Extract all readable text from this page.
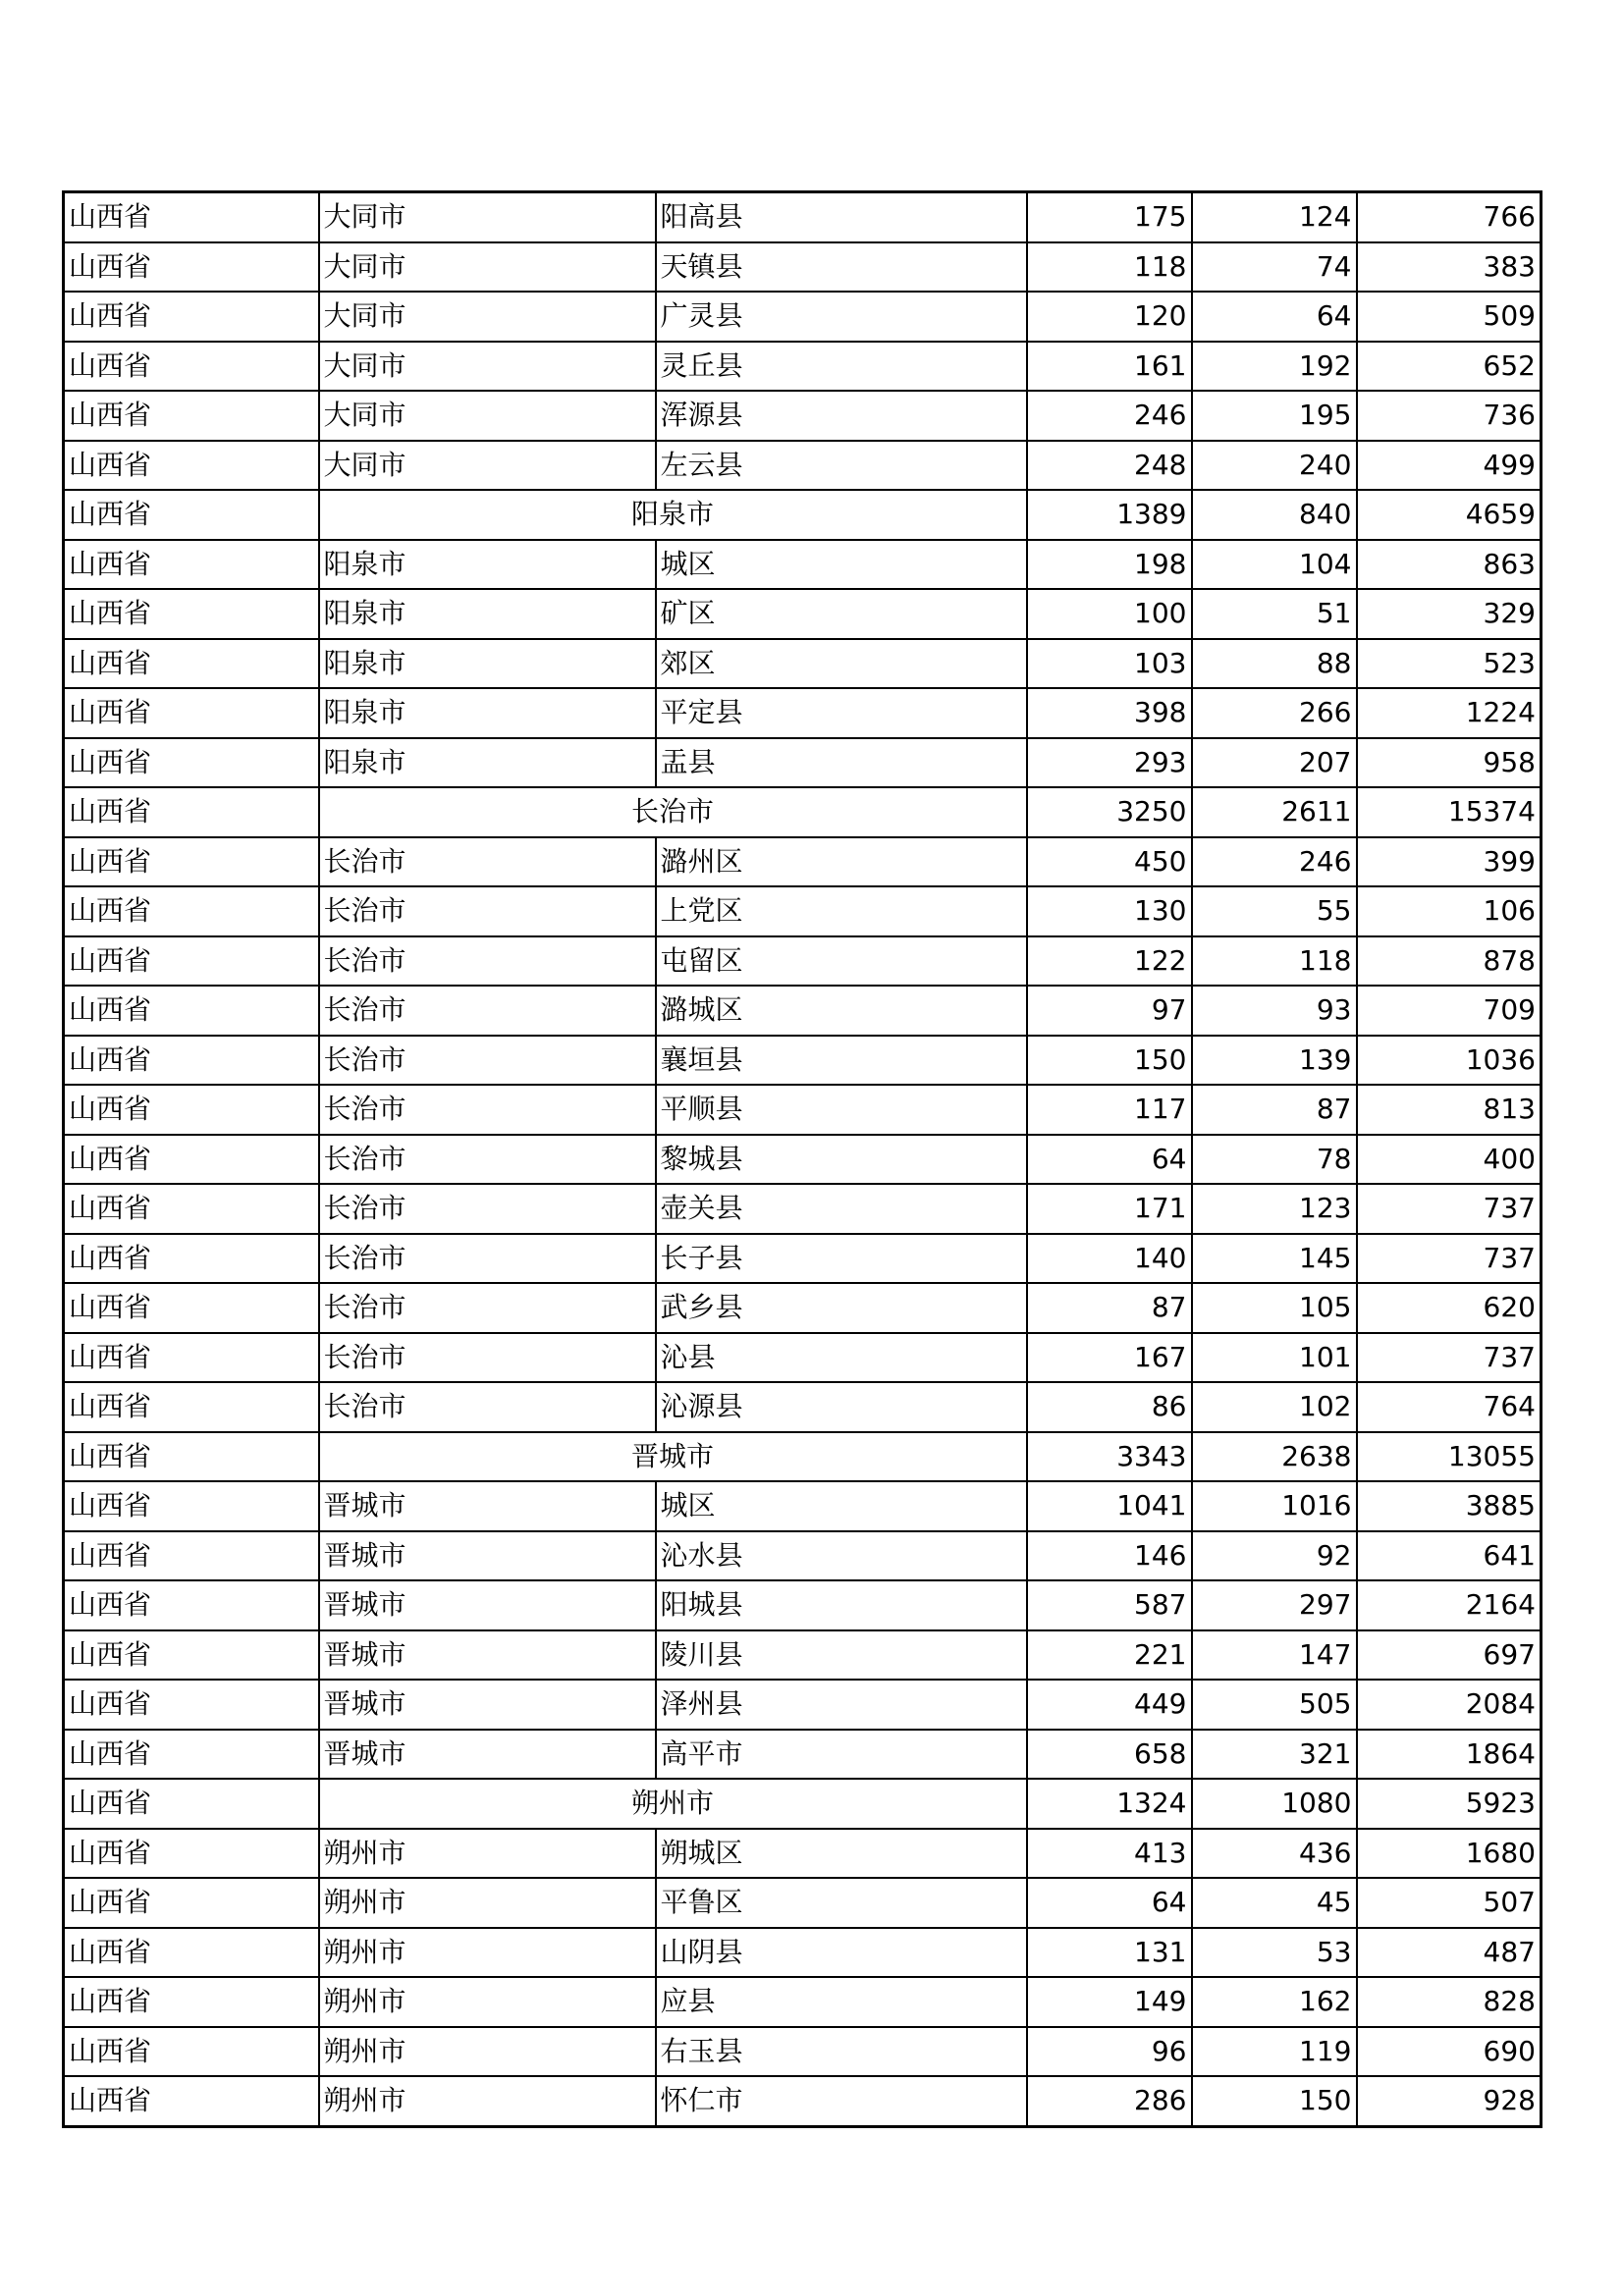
山西省	大同市	阳高县	175	124	766
山西省	大同市	天镇县	118	74	383
山西省	大同市	广灵县	120	64	509
山西省	大同市	灵丘县	161	192	652
山西省	大同市	浑源县	246	195	736
山西省	大同市	左云县	248	240	499
山西省	阳泉市		1389	840	4659
山西省	阳泉市	城区	198	104	863
山西省	阳泉市	矿区	100	51	329
山西省	阳泉市	郊区	103	88	523
山西省	阳泉市	平定县	398	266	1224
山西省	阳泉市	盂县	293	207	958
山西省	长治市		3250	2611	15374
山西省	长治市	潞州区	450	246	399
山西省	长治市	上党区	130	55	106
山西省	长治市	屯留区	122	118	878
山西省	长治市	潞城区	97	93	709
山西省	长治市	襄垣县	150	139	1036
山西省	长治市	平顺县	117	87	813
山西省	长治市	黎城县	64	78	400
山西省	长治市	壶关县	171	123	737
山西省	长治市	长子县	140	145	737
山西省	长治市	武乡县	87	105	620
山西省	长治市	沁县	167	101	737
山西省	长治市	沁源县	86	102	764
山西省	晋城市		3343	2638	13055
山西省	晋城市	城区	1041	1016	3885
山西省	晋城市	沁水县	146	92	641
山西省	晋城市	阳城县	587	297	2164
山西省	晋城市	陵川县	221	147	697
山西省	晋城市	泽州县	449	505	2084
山西省	晋城市	高平市	658	321	1864
山西省	朔州市		1324	1080	5923
山西省	朔州市	朔城区	413	436	1680
山西省	朔州市	平鲁区	64	45	507
山西省	朔州市	山阴县	131	53	487
山西省	朔州市	应县	149	162	828
山西省	朔州市	右玉县	96	119	690
山西省	朔州市	怀仁市	286	150	928
